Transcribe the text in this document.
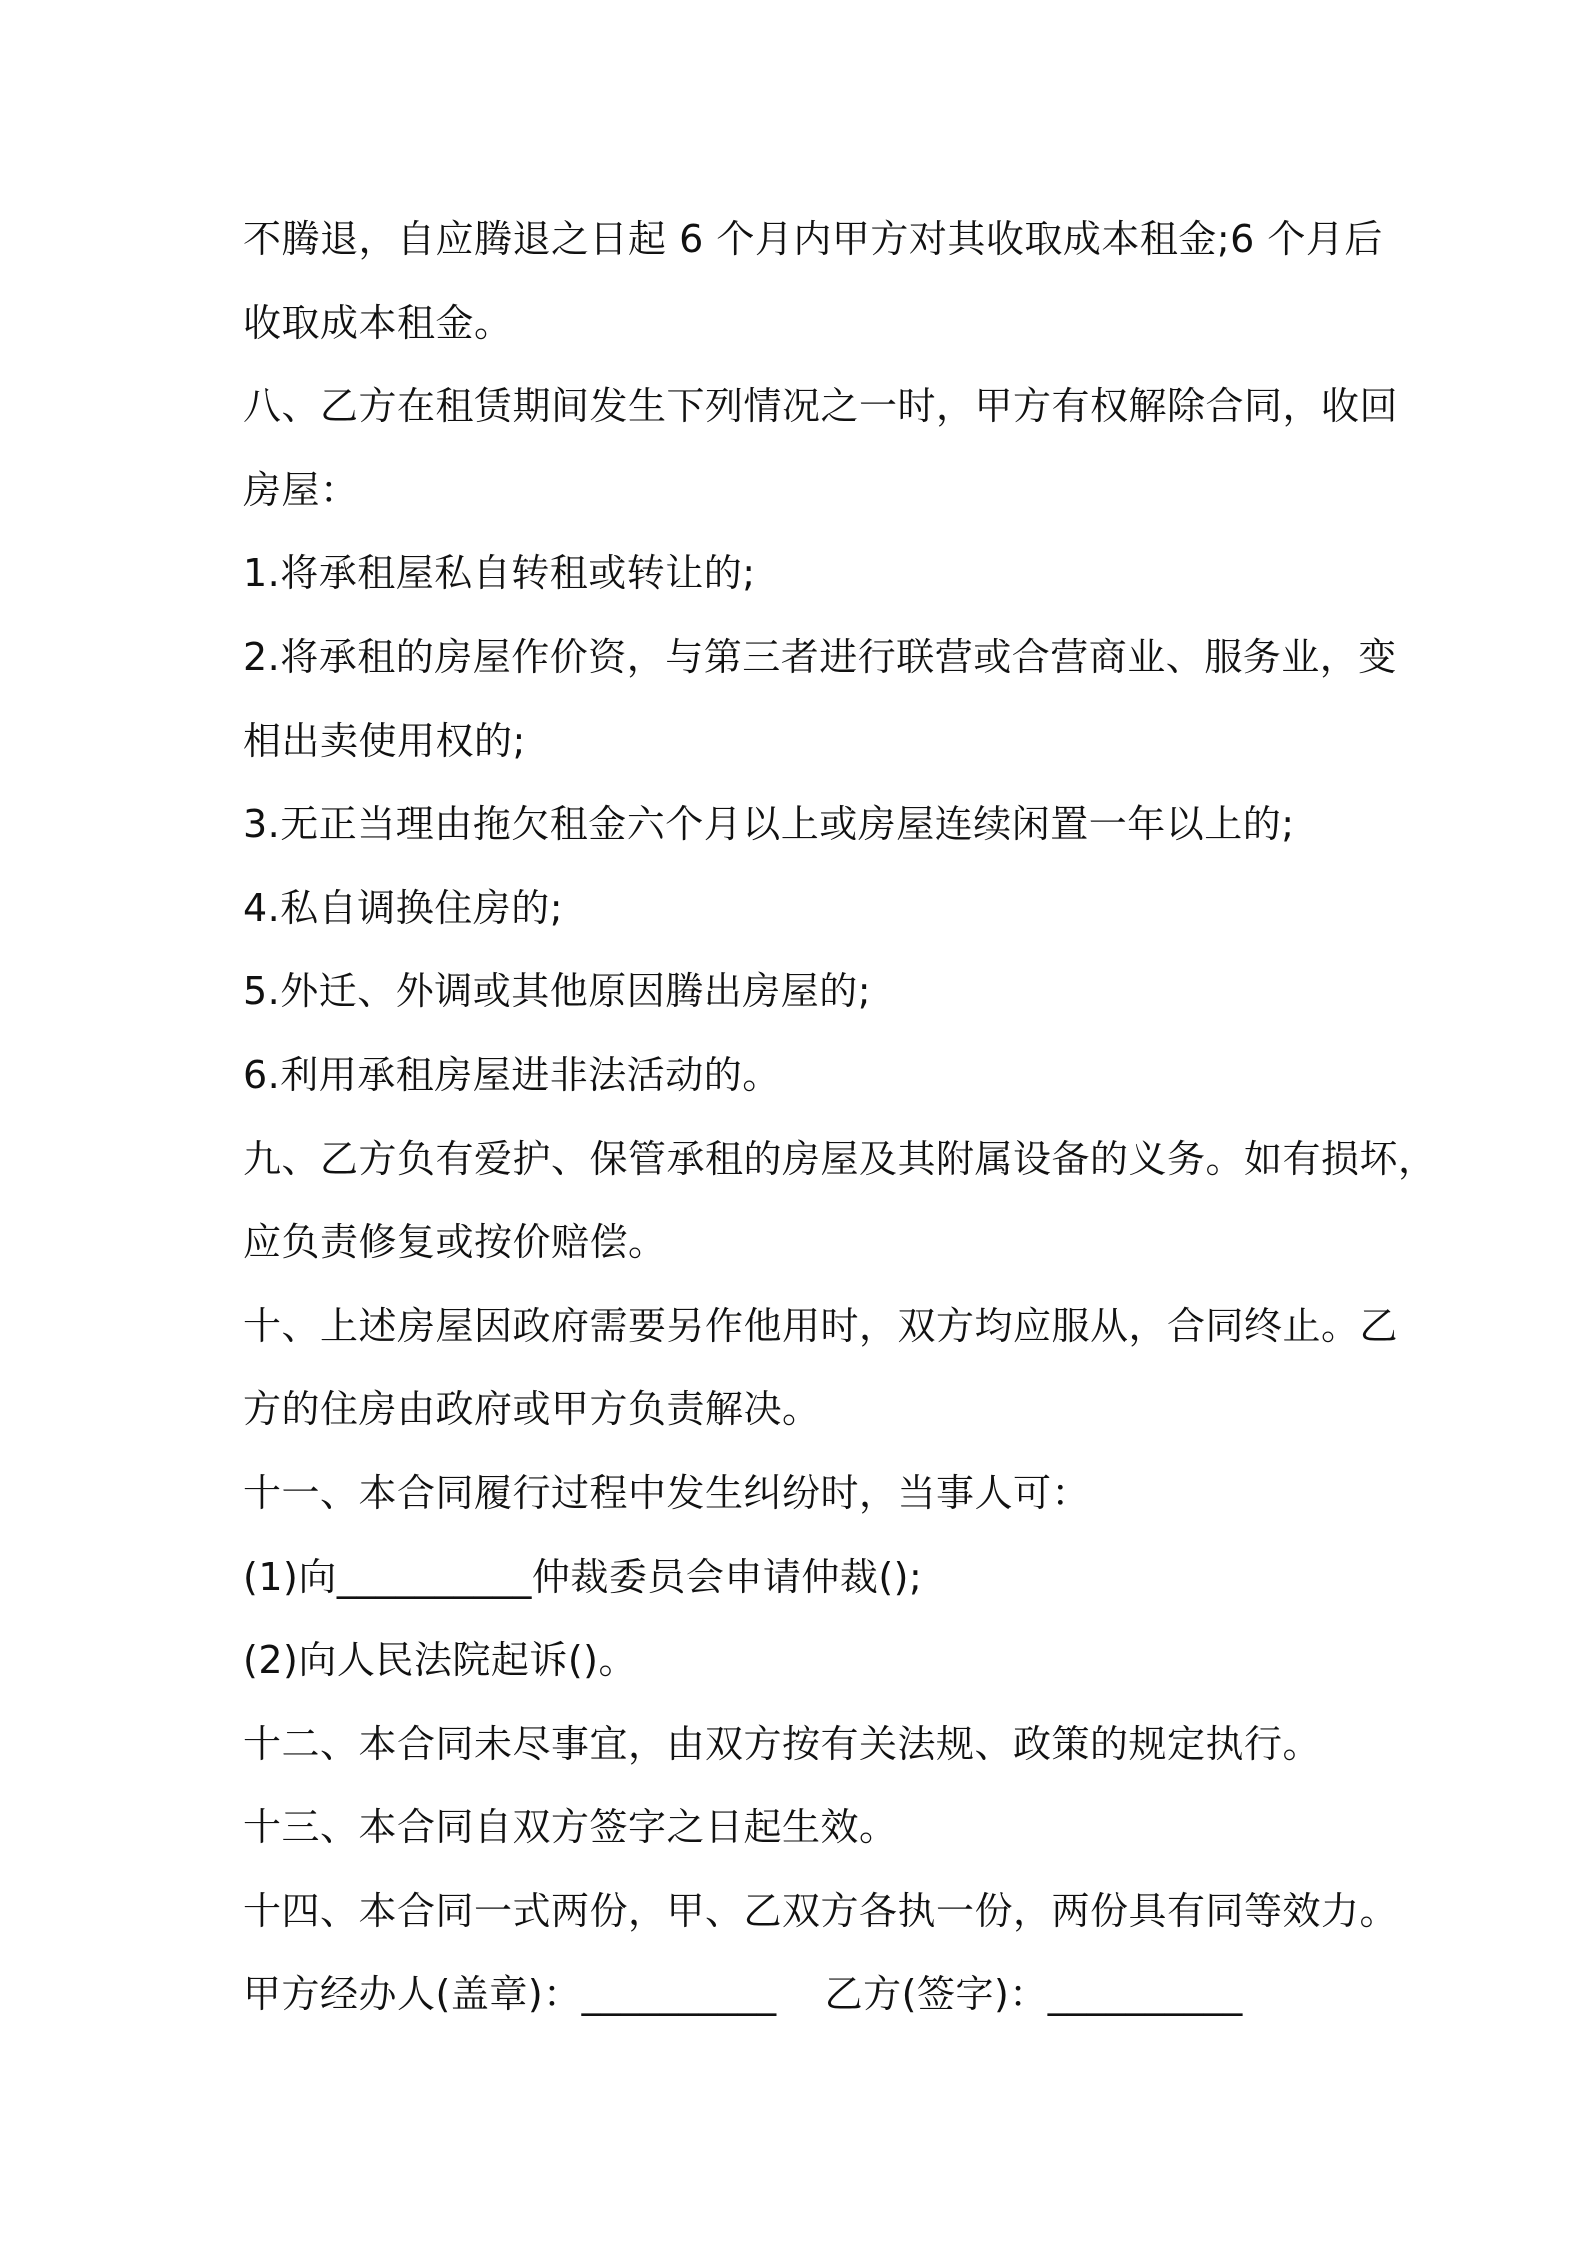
不腾退，自应腾退之日起 6 个月内甲方对其收取成本租金;6 个月后
收取成本租金。
八、乙方在租赁期间发生下列情况之一时，甲方有权解除合同，收回
房屋：
1.将承租屋私自转租或转让的;
2.将承租的房屋作价资，与第三者进行联营或合营商业、服务业，变
相出卖使用权的;
3.无正当理由拖欠租金六个月以上或房屋连续闲置一年以上的;
4.私自调换住房的;
5.外迁、外调或其他原因腾出房屋的;
6.利用承租房屋进非法活动的。
九、乙方负有爱护、保管承租的房屋及其附属设备的义务。如有损坏，
应负责修复或按价赔偿。
十、上述房屋因政府需要另作他用时，双方均应服从，合同终止。乙
方的住房由政府或甲方负责解决。
十一、本合同履行过程中发生纠纷时，当事人可：
(1)向__________仲裁委员会申请仲裁();
(2)向人民法院起诉()。
十二、本合同未尽事宜，由双方按有关法规、政策的规定执行。
十三、本合同自双方签字之日起生效。
十四、本合同一式两份，甲、乙双方各执一份，两份具有同等效力。
甲方经办人(盖章)：__________ 乙方(签字)：__________
